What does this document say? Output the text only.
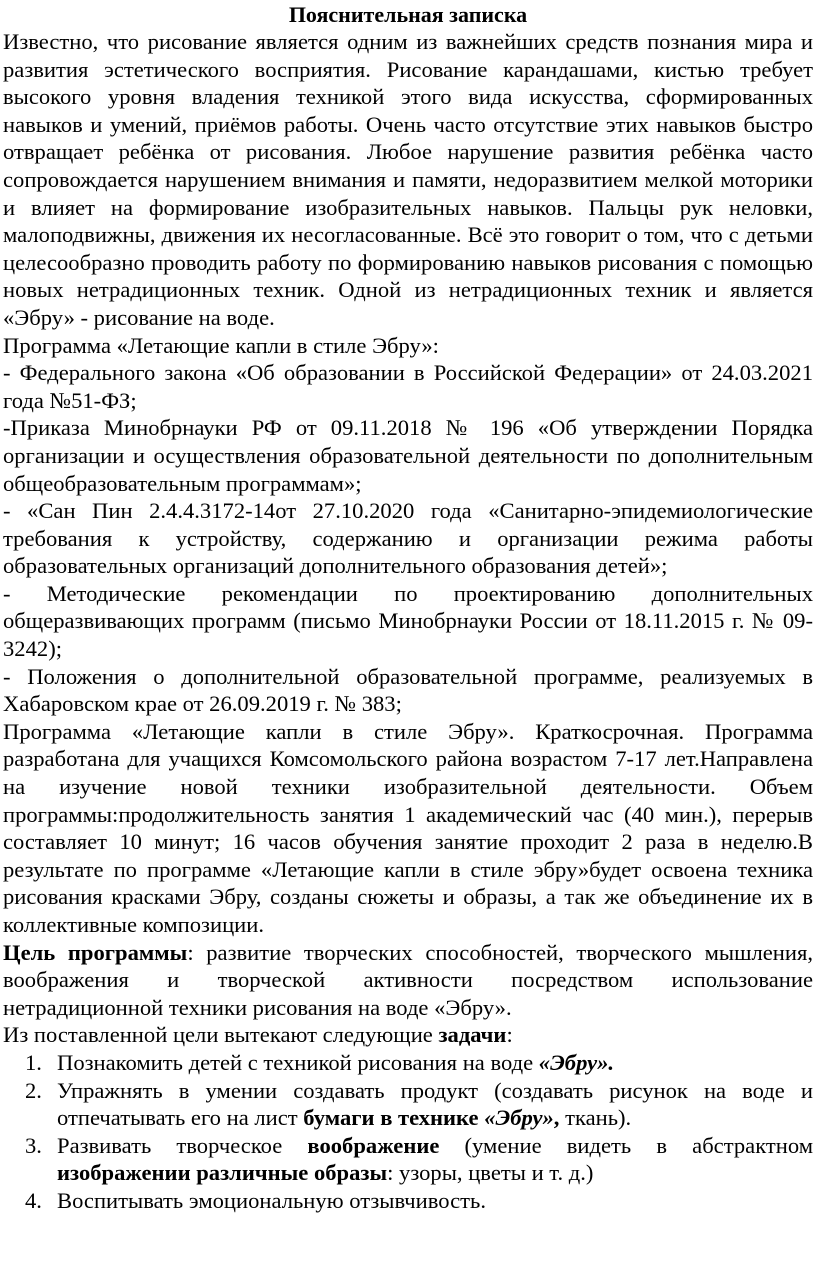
Пояснительная записка

Известно, что рисование является одним из важнейших средств познания мира и развития эстетического восприятия. Рисование карандашами, кистью требует высокого уровня владения техникой этого вида искусства, сформированных навыков и умений, приёмов работы. Очень часто отсутствие этих навыков быстро отвращает ребёнка от рисования. Любое нарушение развития ребёнка часто сопровождается нарушением внимания и памяти, недоразвитием мелкой моторики и влияет на формирование изобразительных навыков. Пальцы рук неловки, малоподвижны, движения их несогласованные. Всё это говорит о том, что с детьми целесообразно проводить работу по формированию навыков рисования с помощью новых нетрадиционных техник. Одной из нетрадиционных техник и является «Эбру» - рисование на воде.

Программа «Летающие капли в стиле Эбру»:

- Федерального закона «Об образовании в Российской Федерации» от 24.03.2021 года №51-ФЗ;

-Приказа Минобрнауки РФ от 09.11.2018 № 196 «Об утверждении Порядка организации и осуществления образовательной деятельности по дополнительным общеобразовательным программам»;

- «Сан Пин 2.4.4.3172-14от 27.10.2020 года «Санитарно-эпидемиологические требования к устройству, содержанию и организации режима работы образовательных организаций дополнительного образования детей»;

- Методические рекомендации по проектированию дополнительных общеразвивающих программ (письмо Минобрнауки России от 18.11.2015 г. № 09-3242);

- Положения о дополнительной образовательной программе, реализуемых в Хабаровском крае от 26.09.2019 г. № 383;

Программа «Летающие капли в стиле Эбру». Краткосрочная. Программа разработана для учащихся Комсомольского района возрастом 7-17 лет.Направлена на изучение новой техники изобразительной деятельности. Объем программы:продолжительность занятия 1 академический час (40 мин.), перерыв составляет 10 минут; 16 часов обучения занятие проходит 2 раза в неделю.В результате по программе «Летающие капли в стиле эбру»будет освоена техника рисования красками Эбру, созданы сюжеты и образы, а так же объединение их в коллективные композиции.

Цель программы: развитие творческих способностей, творческого мышления, воображения и творческой активности посредством использование нетрадиционной техники рисования на воде «Эбру».

Из поставленной цели вытекают следующие задачи:

1. Познакомить детей с техникой рисования на воде «Эбру».
2. Упражнять в умении создавать продукт (создавать рисунок на воде и отпечатывать его на лист бумаги в технике «Эбру», ткань).
3. Развивать творческое воображение (умение видеть в абстрактном изображении различные образы: узоры, цветы и т. д.)
4. Воспитывать эмоциональную отзывчивость.
